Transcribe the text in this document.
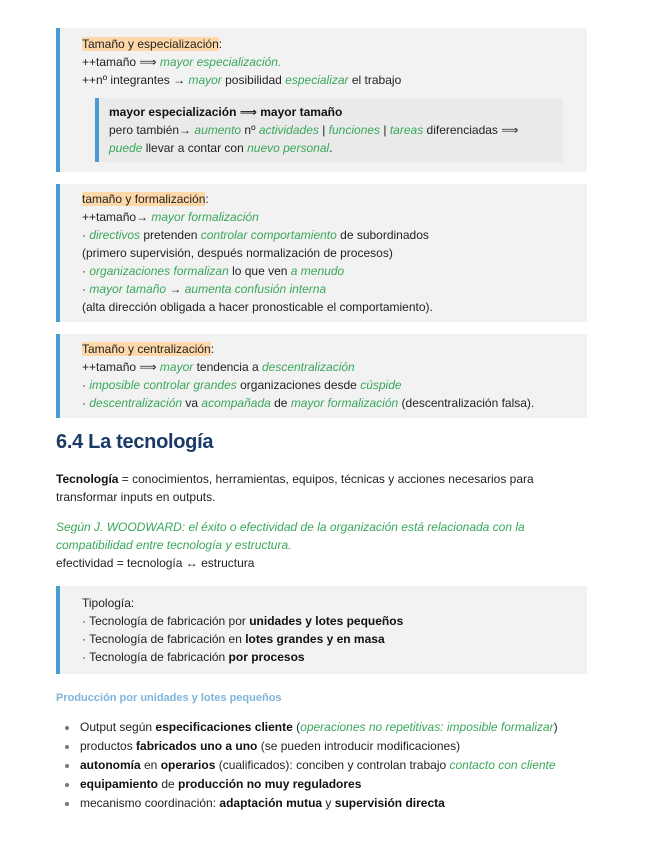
Tamaño y especialización:
++tamaño ⟹ mayor especialización.
++nº integrantes → mayor posibilidad especializar el trabajo
mayor especialización ⟹ mayor tamaño
pero también→ aumento nº actividades | funciones | tareas diferenciadas ⟹
puede llevar a contar con nuevo personal.
tamaño y formalización:
++tamaño→ mayor formalización
· directivos pretenden controlar comportamiento de subordinados
(primero supervisión, después normalización de procesos)
· organizaciones formalizan lo que ven a menudo
· mayor tamaño → aumenta confusión interna
(alta dirección obligada a hacer pronosticable el comportamiento).
Tamaño y centralización:
++tamaño ⟹ mayor tendencia a descentralización
· imposible controlar grandes organizaciones desde cúspide
· descentralización va acompañada de mayor formalización (descentralización falsa).
6.4 La tecnología

Tecnología = conocimientos, herramientas, equipos, técnicas y acciones necesarios para transformar inputs en outputs.

Según J. WOODWARD: el éxito o efectividad de la organización está relacionada con la compatibilidad entre tecnología y estructura.

efectividad = tecnología ↔ estructura

Tipología:
· Tecnología de fabricación por unidades y lotes pequeños
· Tecnología de fabricación en lotes grandes y en masa
· Tecnología de fabricación por procesos
Producción por unidades y lotes pequeños
Output según especificaciones cliente (operaciones no repetitivas: imposible formalizar)
productos fabricados uno a uno (se pueden introducir modificaciones)
autonomía en operarios (cualificados): conciben y controlan trabajo contacto con cliente
equipamiento de producción no muy reguladores
mecanismo coordinación: adaptación mutua y supervisión directa
